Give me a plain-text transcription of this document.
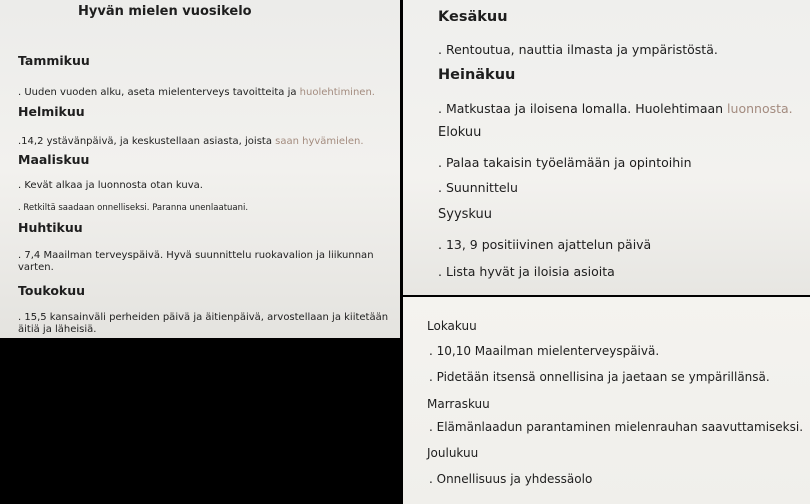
Hyvän mielen vuosikelo
Tammikuu
. Uuden vuoden alku, aseta mielenterveys tavoitteita ja huolehtiminen.
Helmikuu
.14,2 ystävänpäivä, ja keskustellaan asiasta, joista saan hyvämielen.
Maaliskuu
. Kevät alkaa ja luonnosta otan kuva.
. Retkiltä saadaan onnelliseksi. Paranna unenlaatuani.
Huhtikuu
. 7,4 Maailman terveyspäivä. Hyvä suunnittelu ruokavalion ja liikunnan
varten.
Toukokuu
. 15,5 kansainväli perheiden päivä ja äitienpäivä, arvostellaan ja kiitetään
äitiä ja läheisiä.
Kesäkuu
. Rentoutua, nauttia ilmasta ja ympäristöstä.
Heinäkuu
. Matkustaa ja iloisena lomalla. Huolehtimaan luonnosta.
Elokuu
. Palaa takaisin työelämään ja opintoihin
. Suunnittelu
Syyskuu
. 13, 9 positiivinen ajattelun päivä
. Lista hyvät ja iloisia asioita
Lokakuu
. 10,10 Maailman mielenterveyspäivä.
. Pidetään itsensä onnellisina ja jaetaan se ympärillänsä.
Marraskuu
. Elämänlaadun parantaminen mielenrauhan saavuttamiseksi.
Joulukuu
. Onnellisuus ja yhdessäolo
